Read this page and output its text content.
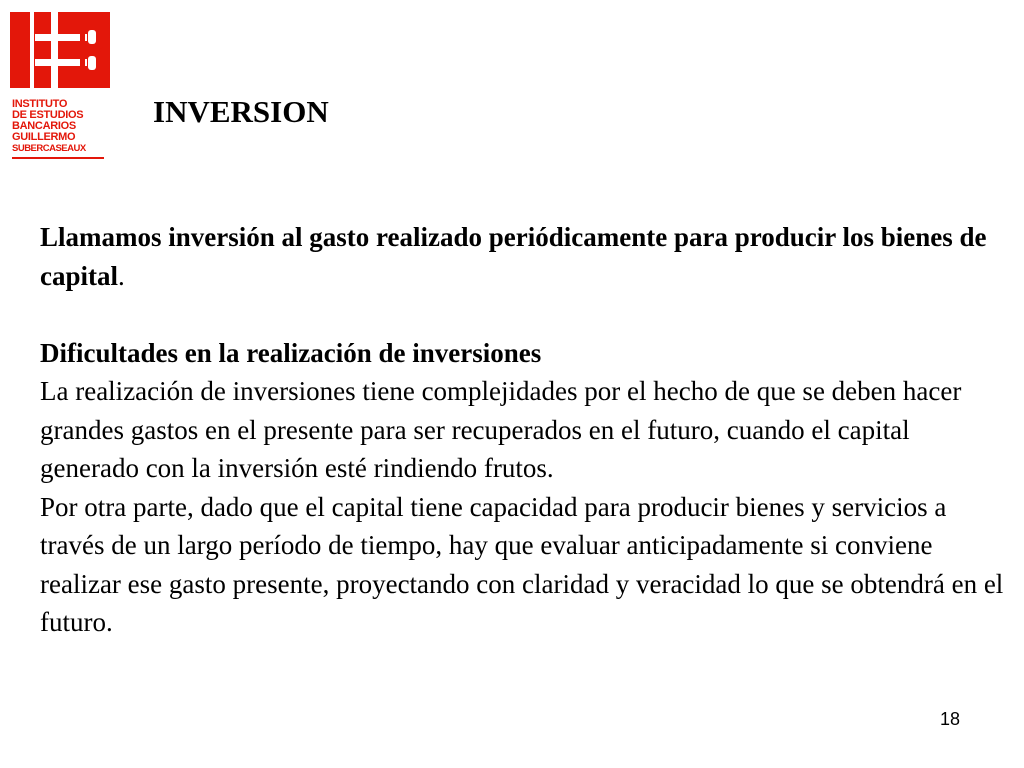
INSTITUTO
DE ESTUDIOS
BANCARIOS
GUILLERMO
SUBERCASEAUX
INVERSION

Llamamos inversión al gasto realizado periódicamente para producir los bienes de capital.

Dificultades en la realización de inversiones

La realización de inversiones tiene complejidades por el hecho de que se deben hacer grandes gastos en el presente para ser recuperados en el futuro, cuando el capital generado con la inversión esté rindiendo frutos.

Por otra parte, dado que el capital tiene capacidad para producir bienes y servicios a través de un largo período de tiempo, hay que evaluar anticipadamente si conviene realizar ese gasto presente, proyectando con claridad y veracidad lo que se obtendrá en el futuro.

18
